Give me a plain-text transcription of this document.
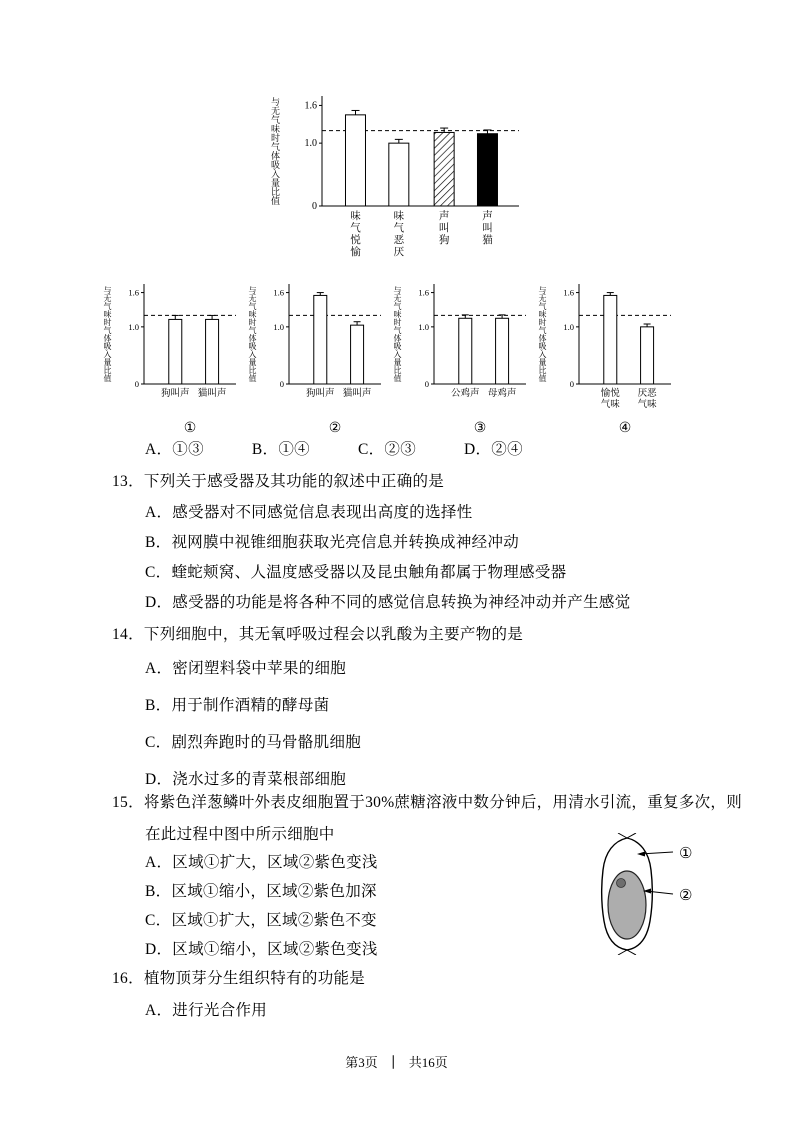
与无气味时气体吸入量比值
0
1.0
1.6
味
气
悦
愉
味
气
恶
厌
声
叫
狗
声
叫
猫
与无气味时气体吸入量比值
0
1.0
1.6
狗叫声 猫叫声
①
与无气味时气体吸入量比值
0
1.0
1.6
狗叫声 猫叫声
②
与无气味时气体吸入量比值
0
1.0
1.6
公鸡声 母鸡声
③
与无气味时气体吸入量比值
0
1.0
1.6
愉悦
气味
厌恶
气味
④
A．①③	B．①④	C．②③	D．②④
13．下列关于感受器及其功能的叙述中正确的是
A．感受器对不同感觉信息表现出高度的选择性
B．视网膜中视锥细胞获取光亮信息并转换成神经冲动
C．蝰蛇颊窝、人温度感受器以及昆虫触角都属于物理感受器
D．感受器的功能是将各种不同的感觉信息转换为神经冲动并产生感觉
14．下列细胞中，其无氧呼吸过程会以乳酸为主要产物的是
A．密闭塑料袋中苹果的细胞
B．用于制作酒精的酵母菌
C．剧烈奔跑时的马骨骼肌细胞
D．浇水过多的青菜根部细胞
15．将紫色洋葱鳞叶外表皮细胞置于30%蔗糖溶液中数分钟后，用清水引流，重复多次，则
在此过程中图中所示细胞中
A．区域①扩大，区域②紫色变浅
B．区域①缩小，区域②紫色加深
C．区域①扩大，区域②紫色不变
D．区域①缩小，区域②紫色变浅
①
②
16．植物顶芽分生组织特有的功能是
A．进行光合作用
第3页 ｜ 共16页
